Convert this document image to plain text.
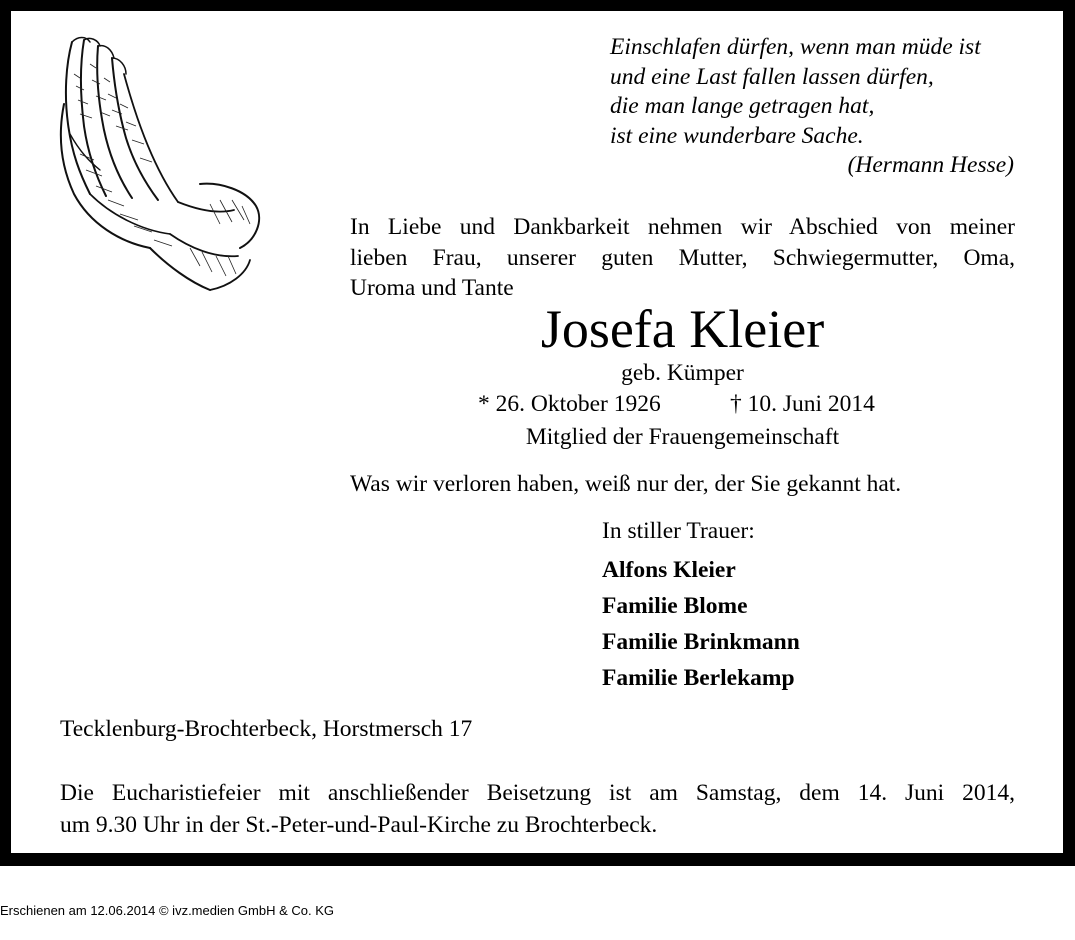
Einschlafen dürfen, wenn man müde ist
und eine Last fallen lassen dürfen,
die man lange getragen hat,
ist eine wunderbare Sache.
(Hermann Hesse)
In Liebe und Dankbarkeit nehmen wir Abschied von meiner
lieben Frau, unserer guten Mutter, Schwiegermutter, Oma,
Uroma und Tante
Josefa Kleier
geb. Kümper
* 26. Oktober 1926	† 10. Juni 2014
Mitglied der Frauengemeinschaft
Was wir verloren haben, weiß nur der, der Sie gekannt hat.
In stiller Trauer:
Alfons Kleier
Familie Blome
Familie Brinkmann
Familie Berlekamp
Tecklenburg-Brochterbeck, Horstmersch 17
Die Eucharistiefeier mit anschließender Beisetzung ist am Samstag, dem 14. Juni 2014,
um 9.30 Uhr in der St.-Peter-und-Paul-Kirche zu Brochterbeck.
Erschienen am 12.06.2014 © ivz.medien GmbH & Co. KG
